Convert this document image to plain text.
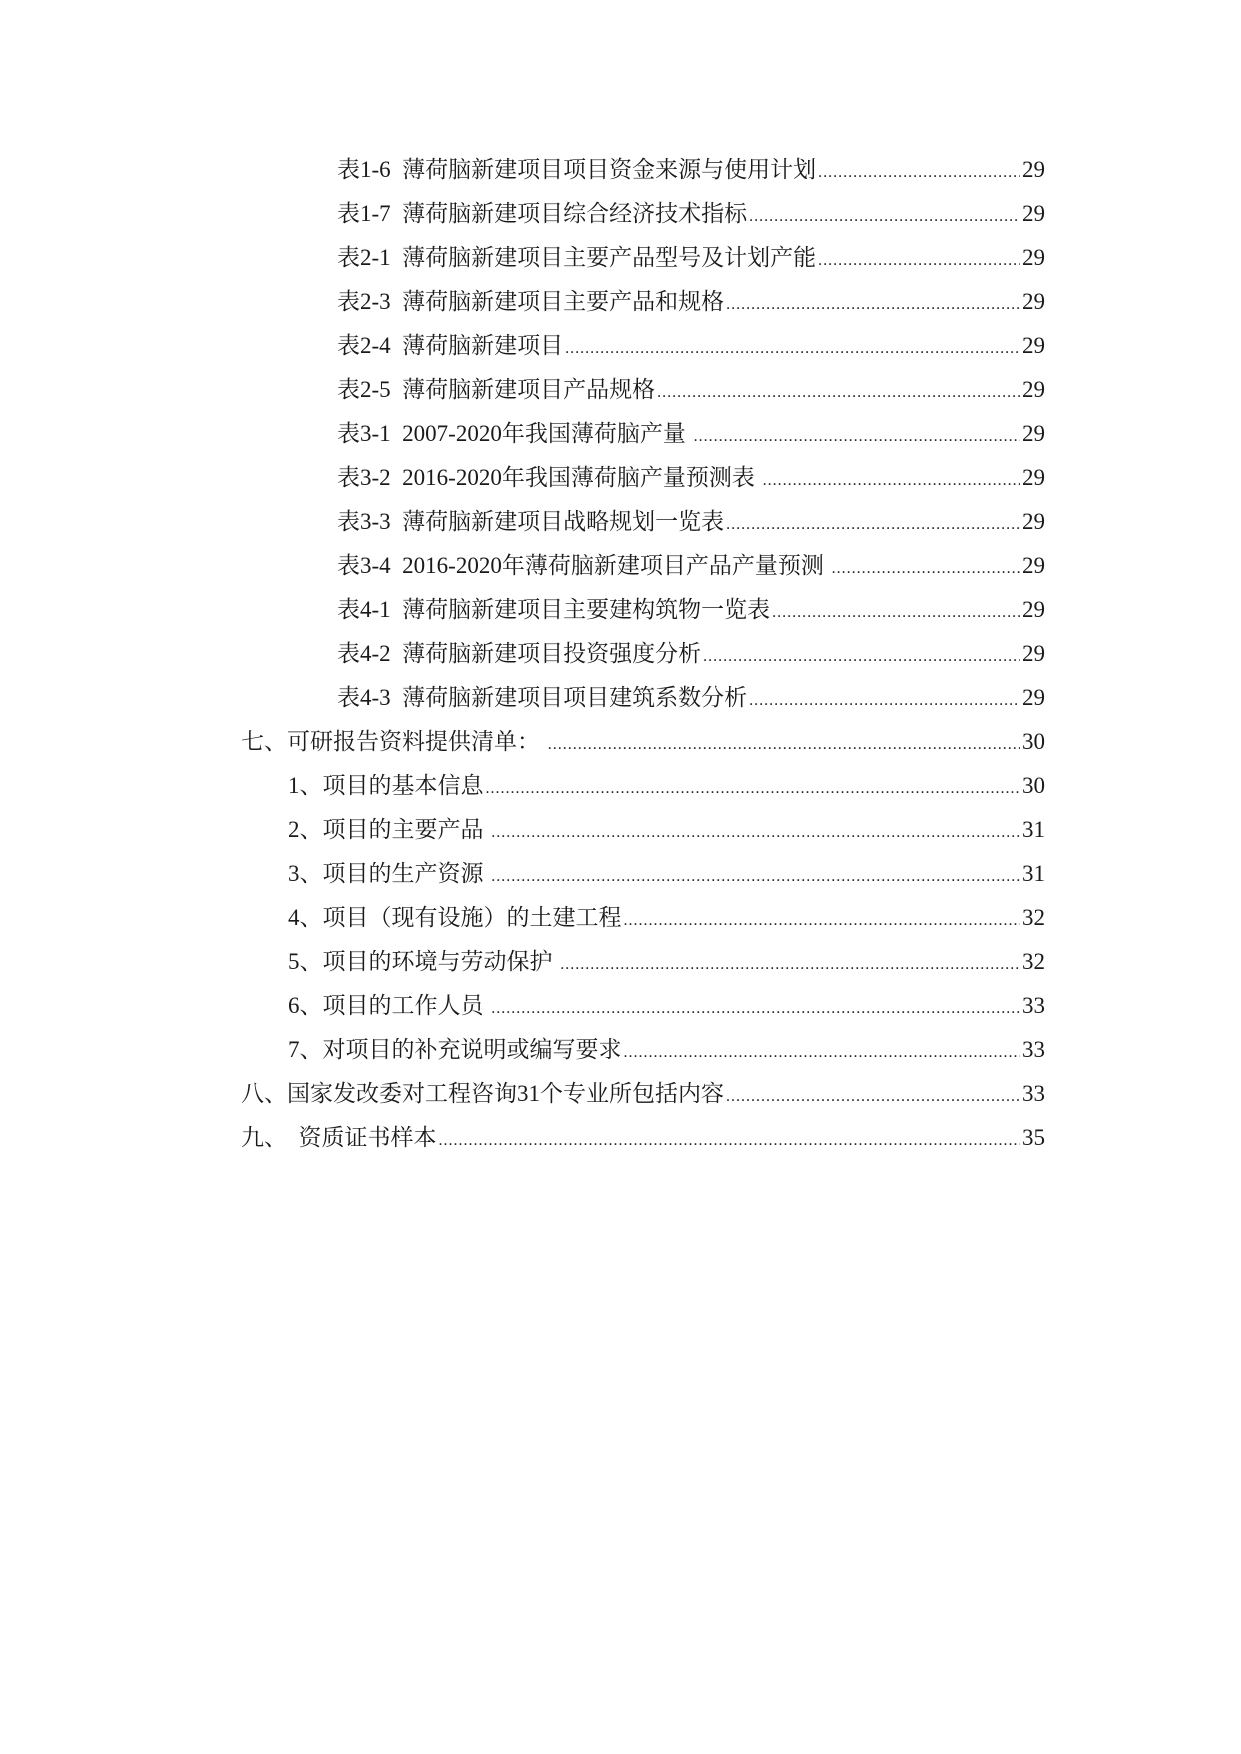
表1-6  薄荷脑新建项目项目资金来源与使用计划 .....	29
表1-7  薄荷脑新建项目综合经济技术指标 .....	29
表2-1  薄荷脑新建项目主要产品型号及计划产能 .....	29
表2-3  薄荷脑新建项目主要产品和规格 .....	29
表2-4  薄荷脑新建项目 .....	29
表2-5  薄荷脑新建项目产品规格 .....	29
表3-1  2007-2020年我国薄荷脑产量 .....	29
表3-2  2016-2020年我国薄荷脑产量预测表 .....	29
表3-3  薄荷脑新建项目战略规划一览表 .....	29
表3-4  2016-2020年薄荷脑新建项目产品产量预测 .....	29
表4-1  薄荷脑新建项目主要建构筑物一览表 .....	29
表4-2  薄荷脑新建项目投资强度分析 .....	29
表4-3  薄荷脑新建项目项目建筑系数分析 .....	29
七、可研报告资料提供清单： .....	30
1、项目的基本信息 .....	30
2、项目的主要产品 .....	31
3、项目的生产资源 .....	31
4、项目（现有设施）的土建工程 .....	32
5、项目的环境与劳动保护 .....	32
6、项目的工作人员 .....	33
7、对项目的补充说明或编写要求 .....	33
八、国家发改委对工程咨询31个专业所包括内容 .....	33
九、  资质证书样本 .....	35
